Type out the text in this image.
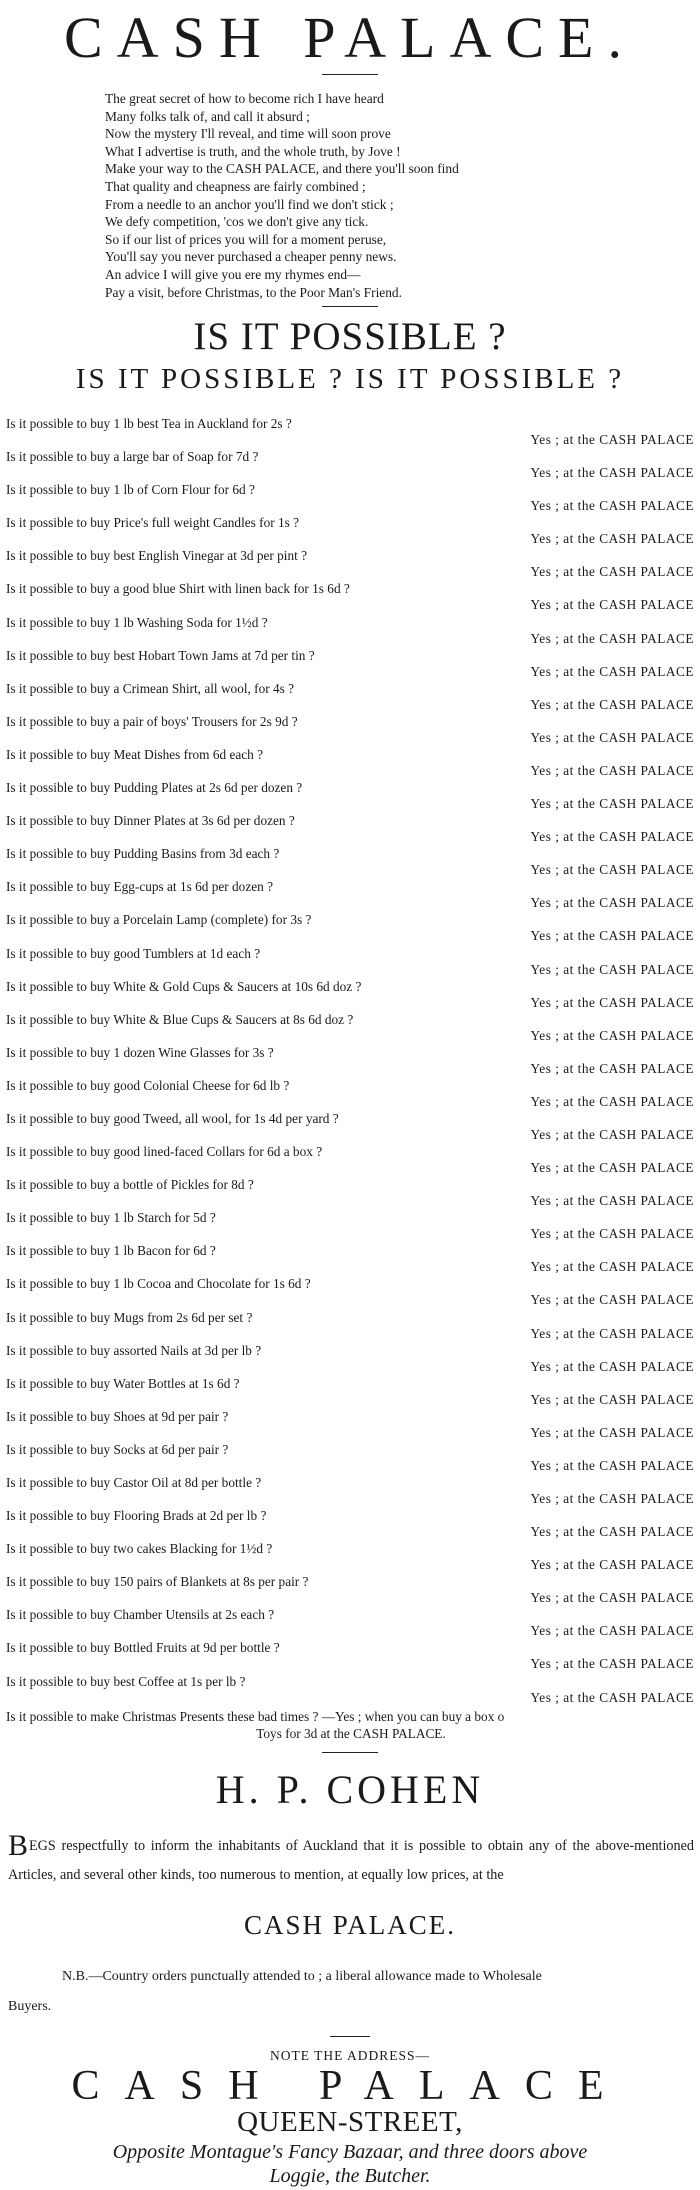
CASH PALACE.
The great secret of how to become rich I have heard
Many folks talk of, and call it absurd ;
Now the mystery I'll reveal, and time will soon prove
What I advertise is truth, and the whole truth, by Jove !
Make your way to the CASH PALACE, and there you'll soon find
That quality and cheapness are fairly combined ;
From a needle to an anchor you'll find we don't stick ;
We defy competition, 'cos we don't give any tick.
So if our list of prices you will for a moment peruse,
You'll say you never purchased a cheaper penny news.
An advice I will give you ere my rhymes end—
Pay a visit, before Christmas, to the Poor Man's Friend.
IS IT POSSIBLE ?
IS IT POSSIBLE ? IS IT POSSIBLE ?
Is it possible to buy 1 lb best Tea in Auckland for 2s ?
Yes ; at the CASH PALACE
Is it possible to buy a large bar of Soap for 7d ?
Yes ; at the CASH PALACE
Is it possible to buy 1 lb of Corn Flour for 6d ?
Yes ; at the CASH PALACE
Is it possible to buy Price's full weight Candles for 1s ?
Yes ; at the CASH PALACE
Is it possible to buy best English Vinegar at 3d per pint ?
Yes ; at the CASH PALACE
Is it possible to buy a good blue Shirt with linen back for 1s 6d ?
Yes ; at the CASH PALACE
Is it possible to buy 1 lb Washing Soda for 1½d ?
Yes ; at the CASH PALACE
Is it possible to buy best Hobart Town Jams at 7d per tin ?
Yes ; at the CASH PALACE
Is it possible to buy a Crimean Shirt, all wool, for 4s ?
Yes ; at the CASH PALACE
Is it possible to buy a pair of boys' Trousers for 2s 9d ?
Yes ; at the CASH PALACE
Is it possible to buy Meat Dishes from 6d each ?
Yes ; at the CASH PALACE
Is it possible to buy Pudding Plates at 2s 6d per dozen ?
Yes ; at the CASH PALACE
Is it possible to buy Dinner Plates at 3s 6d per dozen ?
Yes ; at the CASH PALACE
Is it possible to buy Pudding Basins from 3d each ?
Yes ; at the CASH PALACE
Is it possible to buy Egg-cups at 1s 6d per dozen ?
Yes ; at the CASH PALACE
Is it possible to buy a Porcelain Lamp (complete) for 3s ?
Yes ; at the CASH PALACE
Is it possible to buy good Tumblers at 1d each ?
Yes ; at the CASH PALACE
Is it possible to buy White & Gold Cups & Saucers at 10s 6d doz ?
Yes ; at the CASH PALACE
Is it possible to buy White & Blue Cups & Saucers at 8s 6d doz ?
Yes ; at the CASH PALACE
Is it possible to buy 1 dozen Wine Glasses for 3s ?
Yes ; at the CASH PALACE
Is it possible to buy good Colonial Cheese for 6d lb ?
Yes ; at the CASH PALACE
Is it possible to buy good Tweed, all wool, for 1s 4d per yard ?
Yes ; at the CASH PALACE
Is it possible to buy good lined-faced Collars for 6d a box ?
Yes ; at the CASH PALACE
Is it possible to buy a bottle of Pickles for 8d ?
Yes ; at the CASH PALACE
Is it possible to buy 1 lb Starch for 5d ?
Yes ; at the CASH PALACE
Is it possible to buy 1 lb Bacon for 6d ?
Yes ; at the CASH PALACE
Is it possible to buy 1 lb Cocoa and Chocolate for 1s 6d ?
Yes ; at the CASH PALACE
Is it possible to buy Mugs from 2s 6d per set ?
Yes ; at the CASH PALACE
Is it possible to buy assorted Nails at 3d per lb ?
Yes ; at the CASH PALACE
Is it possible to buy Water Bottles at 1s 6d ?
Yes ; at the CASH PALACE
Is it possible to buy Shoes at 9d per pair ?
Yes ; at the CASH PALACE
Is it possible to buy Socks at 6d per pair ?
Yes ; at the CASH PALACE
Is it possible to buy Castor Oil at 8d per bottle ?
Yes ; at the CASH PALACE
Is it possible to buy Flooring Brads at 2d per lb ?
Yes ; at the CASH PALACE
Is it possible to buy two cakes Blacking for 1½d ?
Yes ; at the CASH PALACE
Is it possible to buy 150 pairs of Blankets at 8s per pair ?
Yes ; at the CASH PALACE
Is it possible to buy Chamber Utensils at 2s each ?
Yes ; at the CASH PALACE
Is it possible to buy Bottled Fruits at 9d per bottle ?
Yes ; at the CASH PALACE
Is it possible to buy best Coffee at 1s per lb ?
Yes ; at the CASH PALACE
Is it possible to make Christmas Presents these bad times ? —Yes ; when you can buy a box o
Toys for 3d at the CASH PALACE.
H. P. COHEN
BEGS respectfully to inform the inhabitants of Auckland that it is possible to obtain any of the above-mentioned Articles, and several other kinds, too numerous to mention, at equally low prices, at the
CASH PALACE.
N.B.—Country orders punctually attended to ; a liberal allowance made to Wholesale
Buyers.
NOTE THE ADDRESS—
CASH PALACE
QUEEN-STREET,
Opposite Montague's Fancy Bazaar, and three doors above
Loggie, the Butcher.
